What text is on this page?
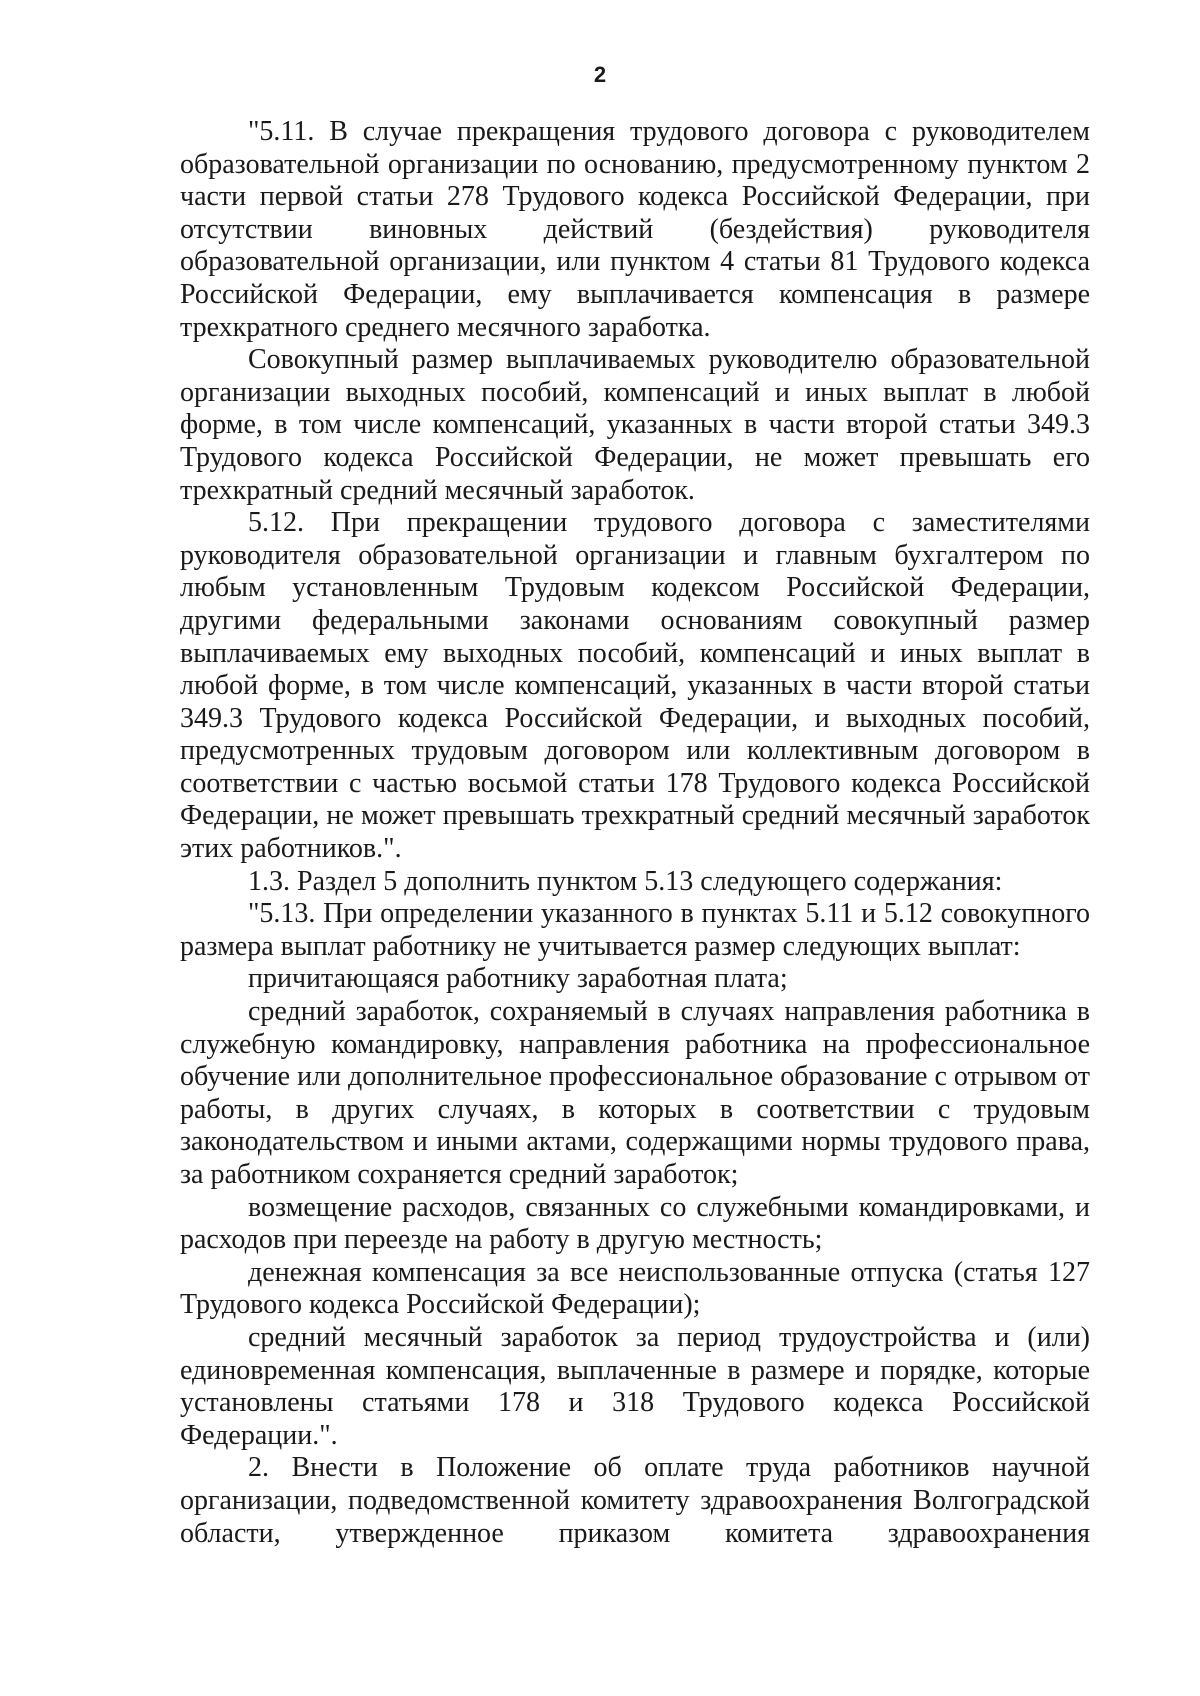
2

"5.11. В случае прекращения трудового договора с руководителем образовательной организации по основанию, предусмотренному пунктом 2 части первой статьи 278 Трудового кодекса Российской Федерации, при отсутствии виновных действий (бездействия) руководителя образовательной организации, или пунктом 4 статьи 81 Трудового кодекса Российской Федерации, ему выплачивается компенсация в размере трехкратного среднего месячного заработка.

Совокупный размер выплачиваемых руководителю образовательной организации выходных пособий, компенсаций и иных выплат в любой форме, в том числе компенсаций, указанных в части второй статьи 349.3 Трудового кодекса Российской Федерации, не может превышать его трехкратный средний месячный заработок.

5.12. При прекращении трудового договора с заместителями руководителя образовательной организации и главным бухгалтером по любым установленным Трудовым кодексом Российской Федерации, другими федеральными законами основаниям совокупный размер выплачиваемых ему выходных пособий, компенсаций и иных выплат в любой форме, в том числе компенсаций, указанных в части второй статьи 349.3 Трудового кодекса Российской Федерации, и выходных пособий, предусмотренных трудовым договором или коллективным договором в соответствии с частью восьмой статьи 178 Трудового кодекса Российской Федерации, не может превышать трехкратный средний месячный заработок этих работников.".

1.3. Раздел 5 дополнить пунктом 5.13 следующего содержания:

"5.13. При определении указанного в пунктах 5.11 и 5.12 совокупного размера выплат работнику не учитывается размер следующих выплат:

причитающаяся работнику заработная плата;

средний заработок, сохраняемый в случаях направления работника в служебную командировку, направления работника на профессиональное обучение или дополнительное профессиональное образование с отрывом от работы, в других случаях, в которых в соответствии с трудовым законодательством и иными актами, содержащими нормы трудового права, за работником сохраняется средний заработок;

возмещение расходов, связанных со служебными командировками, и расходов при переезде на работу в другую местность;

денежная компенсация за все неиспользованные отпуска (статья 127 Трудового кодекса Российской Федерации);

средний месячный заработок за период трудоустройства и (или) единовременная компенсация, выплаченные в размере и порядке, которые установлены статьями 178 и 318 Трудового кодекса Российской Федерации.".

2. Внести в Положение об оплате труда работников научной организации, подведомственной комитету здравоохранения Волгоградской области, утвержденное приказом комитета здравоохранения
